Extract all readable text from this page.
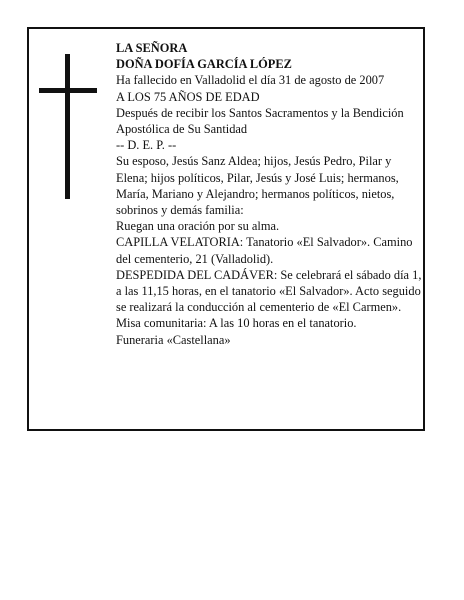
LA SEÑORA

DOÑA DOFÍA GARCÍA LÓPEZ

Ha fallecido en Valladolid el día 31 de agosto de 2007

A LOS 75 AÑOS DE EDAD

Después de recibir los Santos Sacramentos y la Bendición Apostólica de Su Santidad

-- D. E. P. --

Su esposo, Jesús Sanz Aldea; hijos, Jesús Pedro, Pilar y Elena; hijos políticos, Pilar, Jesús y José Luis; hermanos, María, Mariano y Alejandro; hermanos políticos, nietos, sobrinos y demás familia:

Ruegan una oración por su alma.

CAPILLA VELATORIA: Tanatorio «El Salvador». Camino del cementerio, 21 (Valladolid).

DESPEDIDA DEL CADÁVER: Se celebrará el sábado día 1, a las 11,15 horas, en el tanatorio «El Salvador». Acto seguido se realizará la conducción al cementerio de «El Carmen». Misa comunitaria: A las 10 horas en el tanatorio.

Funeraria «Castellana»
